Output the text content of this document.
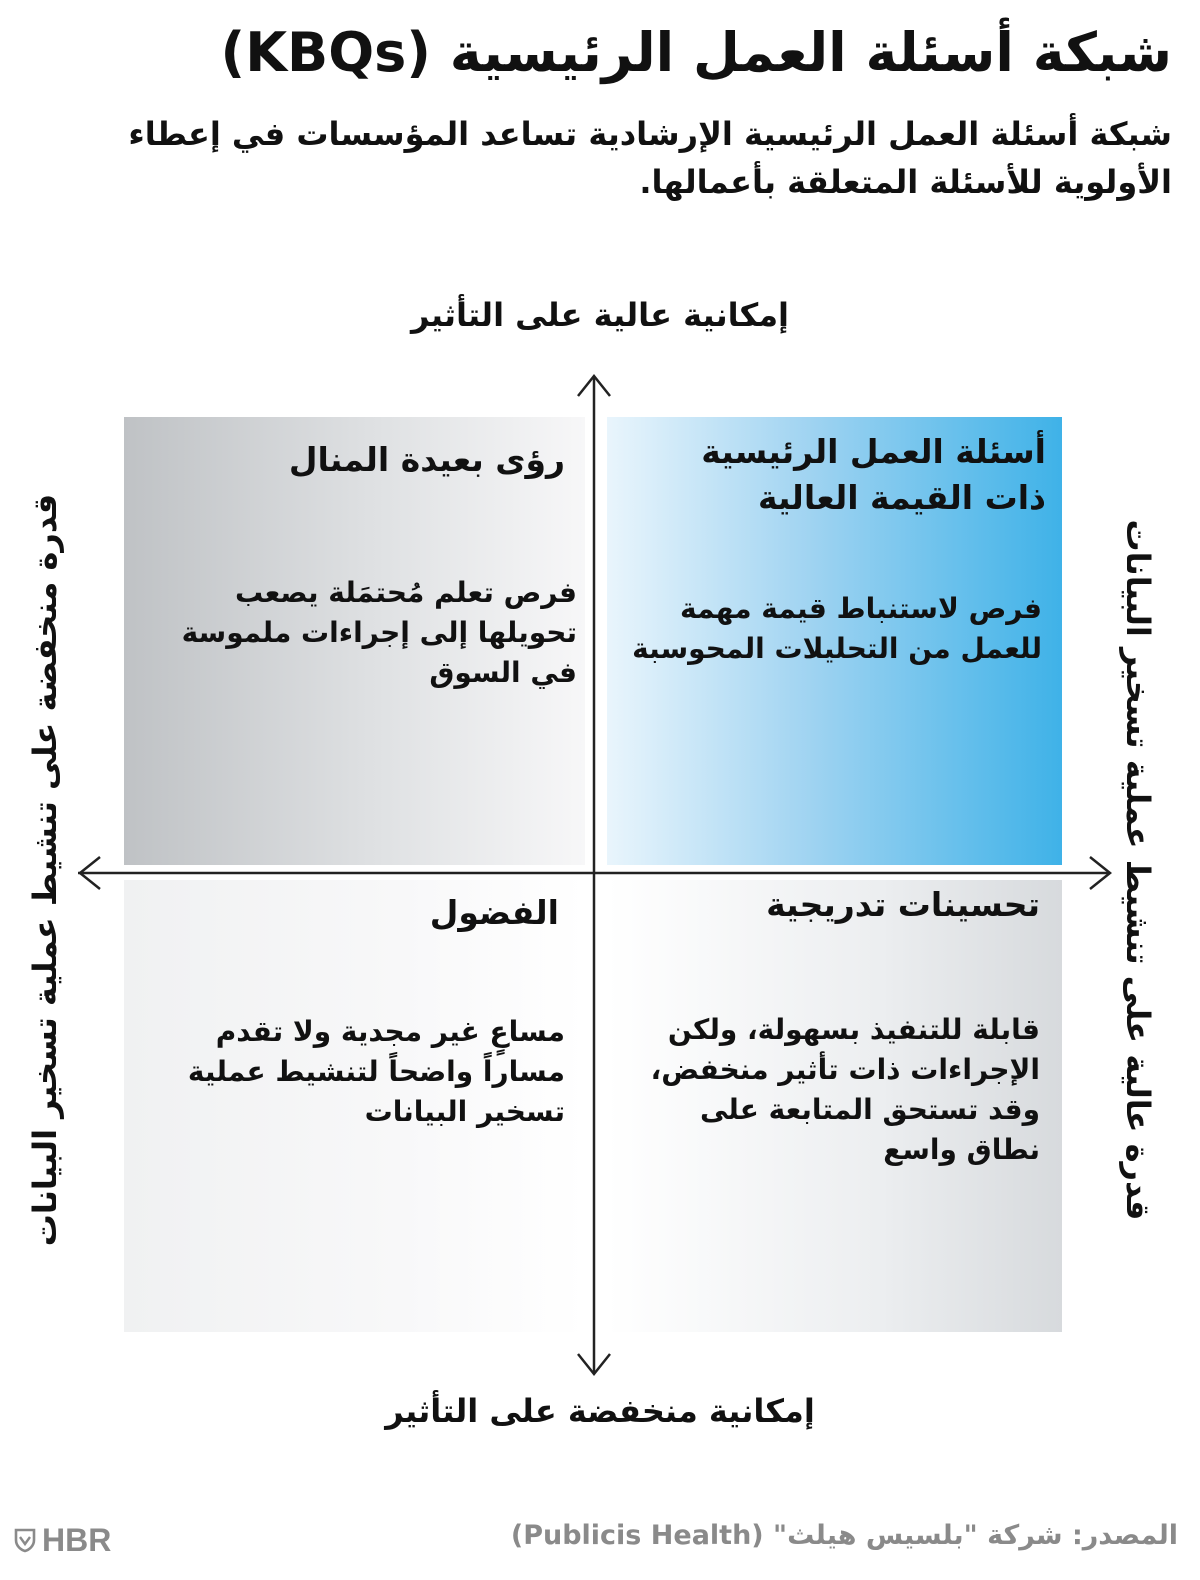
شبكة أسئلة العمل الرئيسية (KBQs)

شبكة أسئلة العمل الرئيسية الإرشادية تساعد المؤسسات في إعطاء الأولوية للأسئلة المتعلقة بأعمالها.

إمكانية عالية على التأثير
أسئلة العمل الرئيسية ذات القيمة العالية

فرص لاستنباط قيمة مهمة للعمل من التحليلات المحوسبة

رؤى بعيدة المنال

فرص تعلم مُحتمَلة يصعب تحويلها إلى إجراءات ملموسة في السوق

الفضول

مساعٍ غير مجدية ولا تقدم مساراً واضحاً لتنشيط عملية تسخير البيانات

تحسينات تدريجية

قابلة للتنفيذ بسهولة، ولكن الإجراءات ذات تأثير منخفض، وقد تستحق المتابعة على نطاق واسع

قدرة منخفضة على تنشيط عملية تسخير البيانات	قدرة عالية على تنشيط عملية تسخير البيانات
إمكانية منخفضة على التأثير
المصدر: شركة "بلسيس هيلث" (Publicis Health)
HBR
